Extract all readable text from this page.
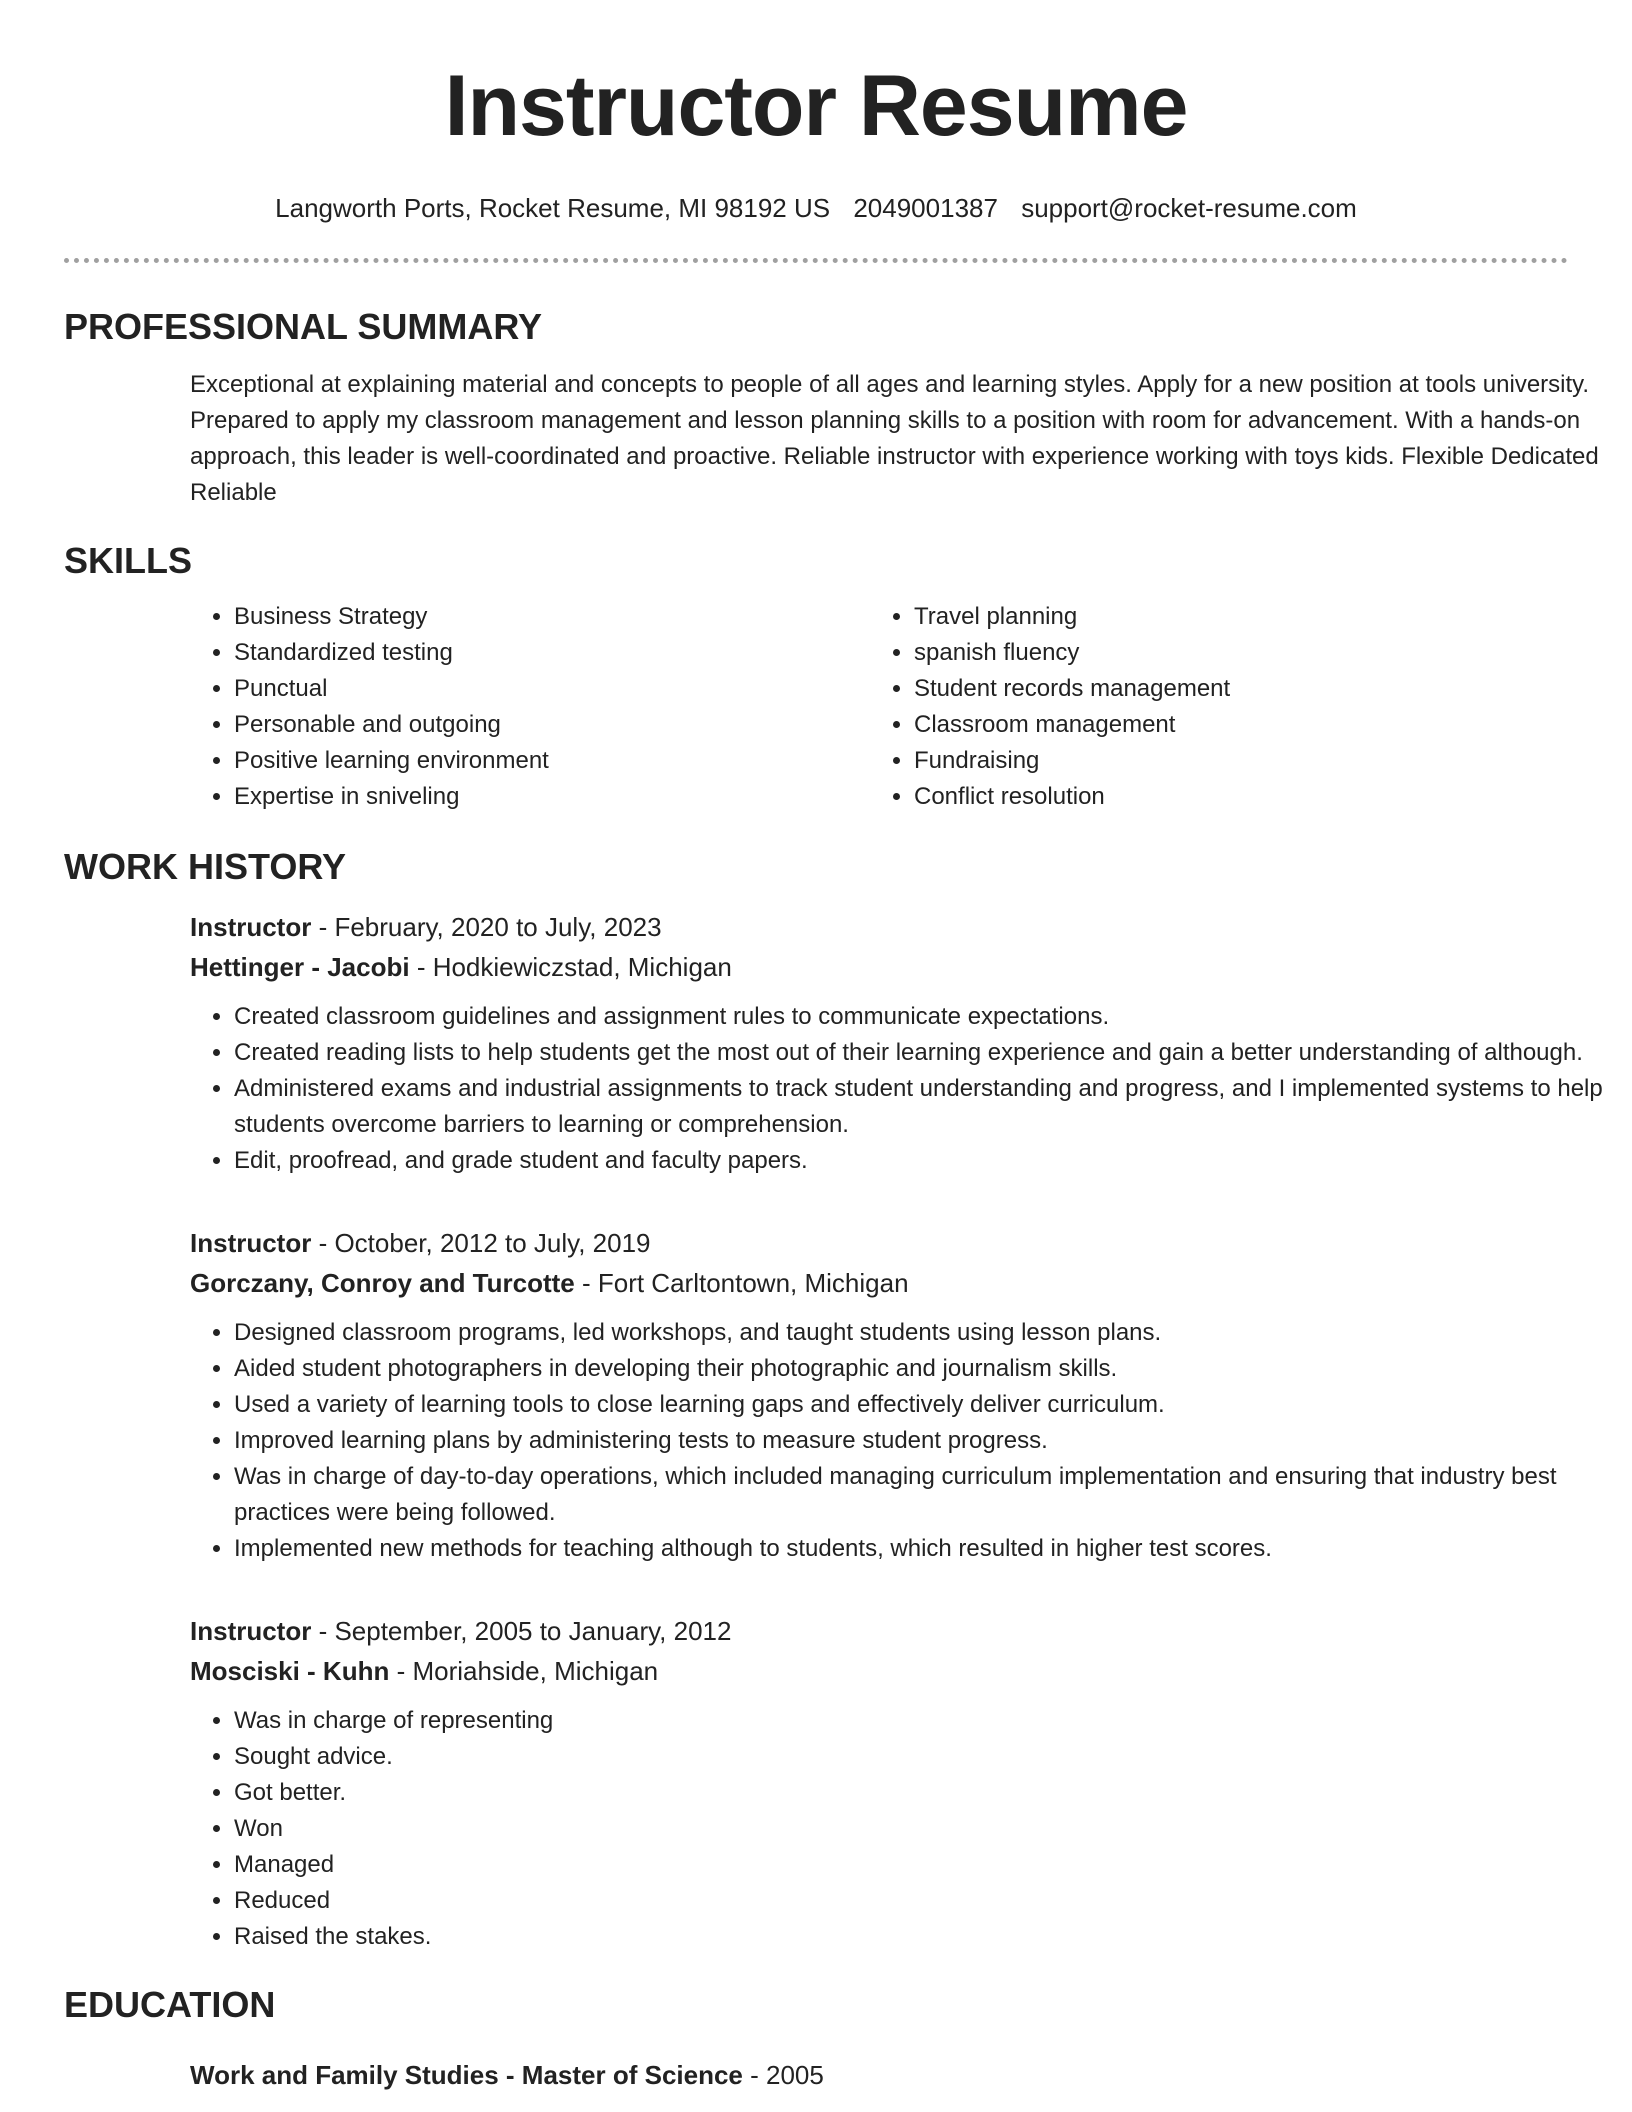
Instructor Resume
Langworth Ports, Rocket Resume, MI 98192 US 2049001387 support@rocket-resume.com
PROFESSIONAL SUMMARY

Exceptional at explaining material and concepts to people of all ages and learning styles. Apply for a new position at tools university. Prepared to apply my classroom management and lesson planning skills to a position with room for advancement. With a hands-on approach, this leader is well-coordinated and proactive. Reliable instructor with experience working with toys kids. Flexible Dedicated Reliable

SKILLS
• Business Strategy
• Standardized testing
• Punctual
• Personable and outgoing
• Positive learning environment
• Expertise in sniveling
• Travel planning
• spanish fluency
• Student records management
• Classroom management
• Fundraising
• Conflict resolution
WORK HISTORY
Instructor - February, 2020 to July, 2023
Hettinger - Jacobi - Hodkiewiczstad, Michigan
• Created classroom guidelines and assignment rules to communicate expectations.
• Created reading lists to help students get the most out of their learning experience and gain a better understanding of although.
• Administered exams and industrial assignments to track student understanding and progress, and I implemented systems to help students overcome barriers to learning or comprehension.
• Edit, proofread, and grade student and faculty papers.
Instructor - October, 2012 to July, 2019
Gorczany, Conroy and Turcotte - Fort Carltontown, Michigan
• Designed classroom programs, led workshops, and taught students using lesson plans.
• Aided student photographers in developing their photographic and journalism skills.
• Used a variety of learning tools to close learning gaps and effectively deliver curriculum.
• Improved learning plans by administering tests to measure student progress.
• Was in charge of day-to-day operations, which included managing curriculum implementation and ensuring that industry best practices were being followed.
• Implemented new methods for teaching although to students, which resulted in higher test scores.
Instructor - September, 2005 to January, 2012
Mosciski - Kuhn - Moriahside, Michigan
• Was in charge of representing
• Sought advice.
• Got better.
• Won
• Managed
• Reduced
• Raised the stakes.
EDUCATION
Work and Family Studies - Master of Science - 2005
